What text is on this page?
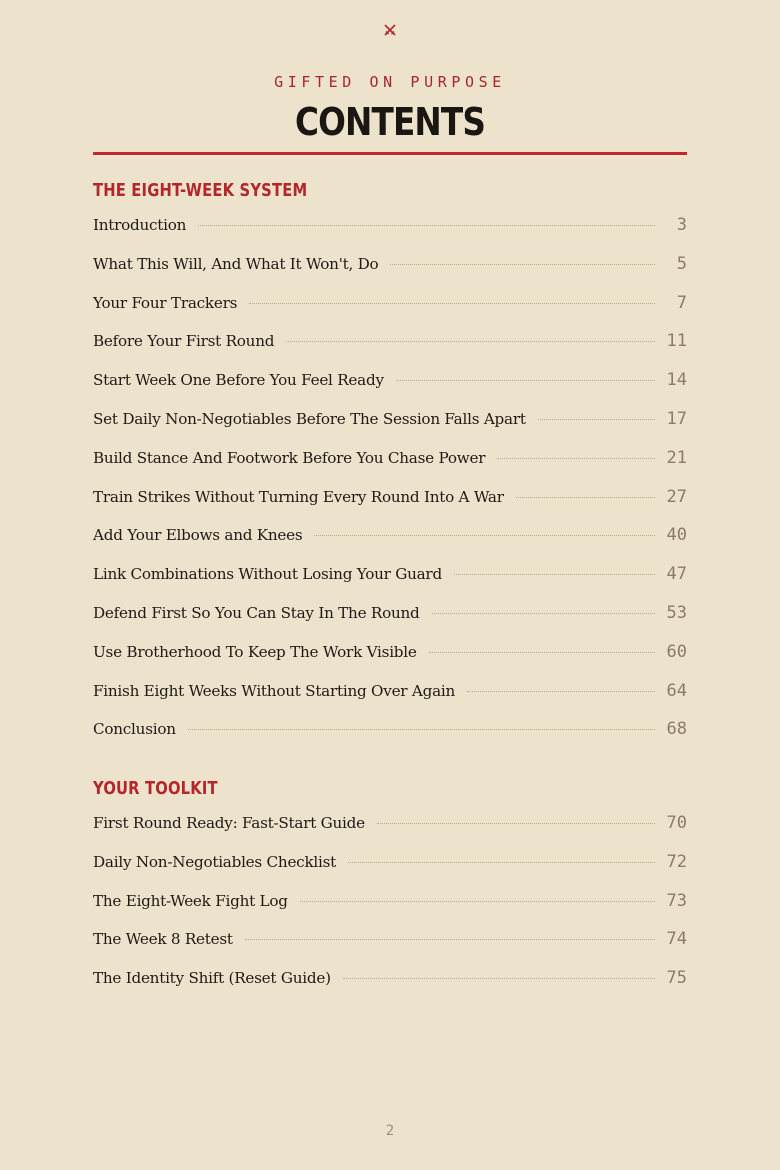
GIFTED ON PURPOSE
CONTENTS
THE EIGHT-WEEK SYSTEM
Introduction	3
What This Will, And What It Won't, Do	5
Your Four Trackers	7
Before Your First Round	11
Start Week One Before You Feel Ready	14
Set Daily Non-Negotiables Before The Session Falls Apart	17
Build Stance And Footwork Before You Chase Power	21
Train Strikes Without Turning Every Round Into A War	27
Add Your Elbows and Knees	40
Link Combinations Without Losing Your Guard	47
Defend First So You Can Stay In The Round	53
Use Brotherhood To Keep The Work Visible	60
Finish Eight Weeks Without Starting Over Again	64
Conclusion	68
YOUR TOOLKIT
First Round Ready: Fast-Start Guide	70
Daily Non-Negotiables Checklist	72
The Eight-Week Fight Log	73
The Week 8 Retest	74
The Identity Shift (Reset Guide)	75
2
